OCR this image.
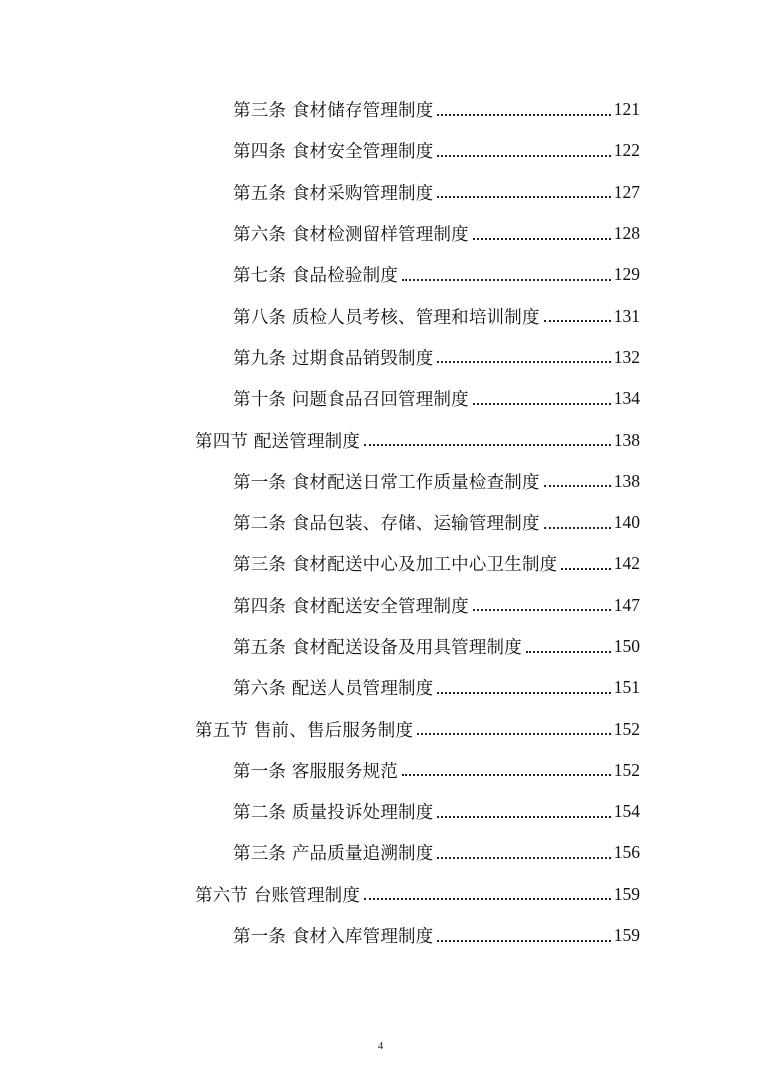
第三条 食材储存管理制度	121
第四条 食材安全管理制度	122
第五条 食材采购管理制度	127
第六条 食材检测留样管理制度	128
第七条 食品检验制度	129
第八条 质检人员考核、管理和培训制度	131
第九条 过期食品销毁制度	132
第十条 问题食品召回管理制度	134
第四节 配送管理制度	138
第一条 食材配送日常工作质量检查制度	138
第二条 食品包装、存储、运输管理制度	140
第三条 食材配送中心及加工中心卫生制度	142
第四条 食材配送安全管理制度	147
第五条 食材配送设备及用具管理制度	150
第六条 配送人员管理制度	151
第五节 售前、售后服务制度	152
第一条 客服服务规范	152
第二条 质量投诉处理制度	154
第三条 产品质量追溯制度	156
第六节 台账管理制度	159
第一条 食材入库管理制度	159
4
